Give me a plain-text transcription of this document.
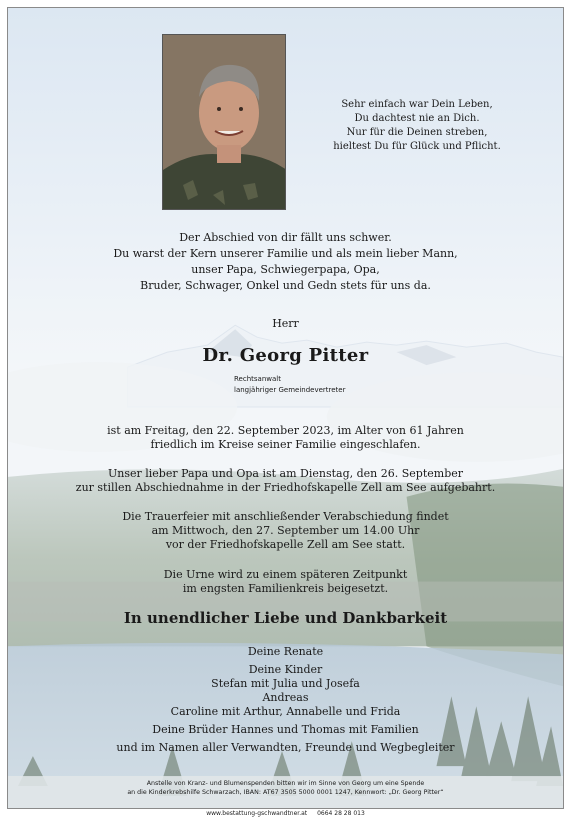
Sehr einfach war Dein Leben,
Du dachtest nie an Dich.
Nur für die Deinen streben,
hieltest Du für Glück und Pflicht.
Der Abschied von dir fällt uns schwer.
Du warst der Kern unserer Familie und als mein lieber Mann,
unser Papa, Schwiegerpapa, Opa,
Bruder, Schwager, Onkel und Gedn stets für uns da.
Herr
Dr. Georg Pitter
Rechtsanwalt
langjähriger Gemeindevertreter
ist am Freitag, den 22. September 2023, im Alter von 61 Jahren
friedlich im Kreise seiner Familie eingeschlafen.
Unser lieber Papa und Opa ist am Dienstag, den 26. September
zur stillen Abschiednahme in der Friedhofskapelle Zell am See aufgebahrt.
Die Trauerfeier mit anschließender Verabschiedung findet
am Mittwoch, den 27. September um 14.00 Uhr
vor der Friedhofskapelle Zell am See statt.
Die Urne wird zu einem späteren Zeitpunkt
im engsten Familienkreis beigesetzt.
In unendlicher Liebe und Dankbarkeit
Deine Renate
Deine Kinder
Stefan mit Julia und Josefa
Andreas
Caroline mit Arthur, Annabelle und Frida
Deine Brüder Hannes und Thomas mit Familien
und im Namen aller Verwandten, Freunde und Wegbegleiter
Anstelle von Kranz- und Blumenspenden bitten wir im Sinne von Georg um eine Spende
an die Kinderkrebshilfe Schwarzach, IBAN: AT67 3505 5000 0001 1247, Kennwort: „Dr. Georg Pitter“
www.bestattung-gschwandtner.at 0664 28 28 013
